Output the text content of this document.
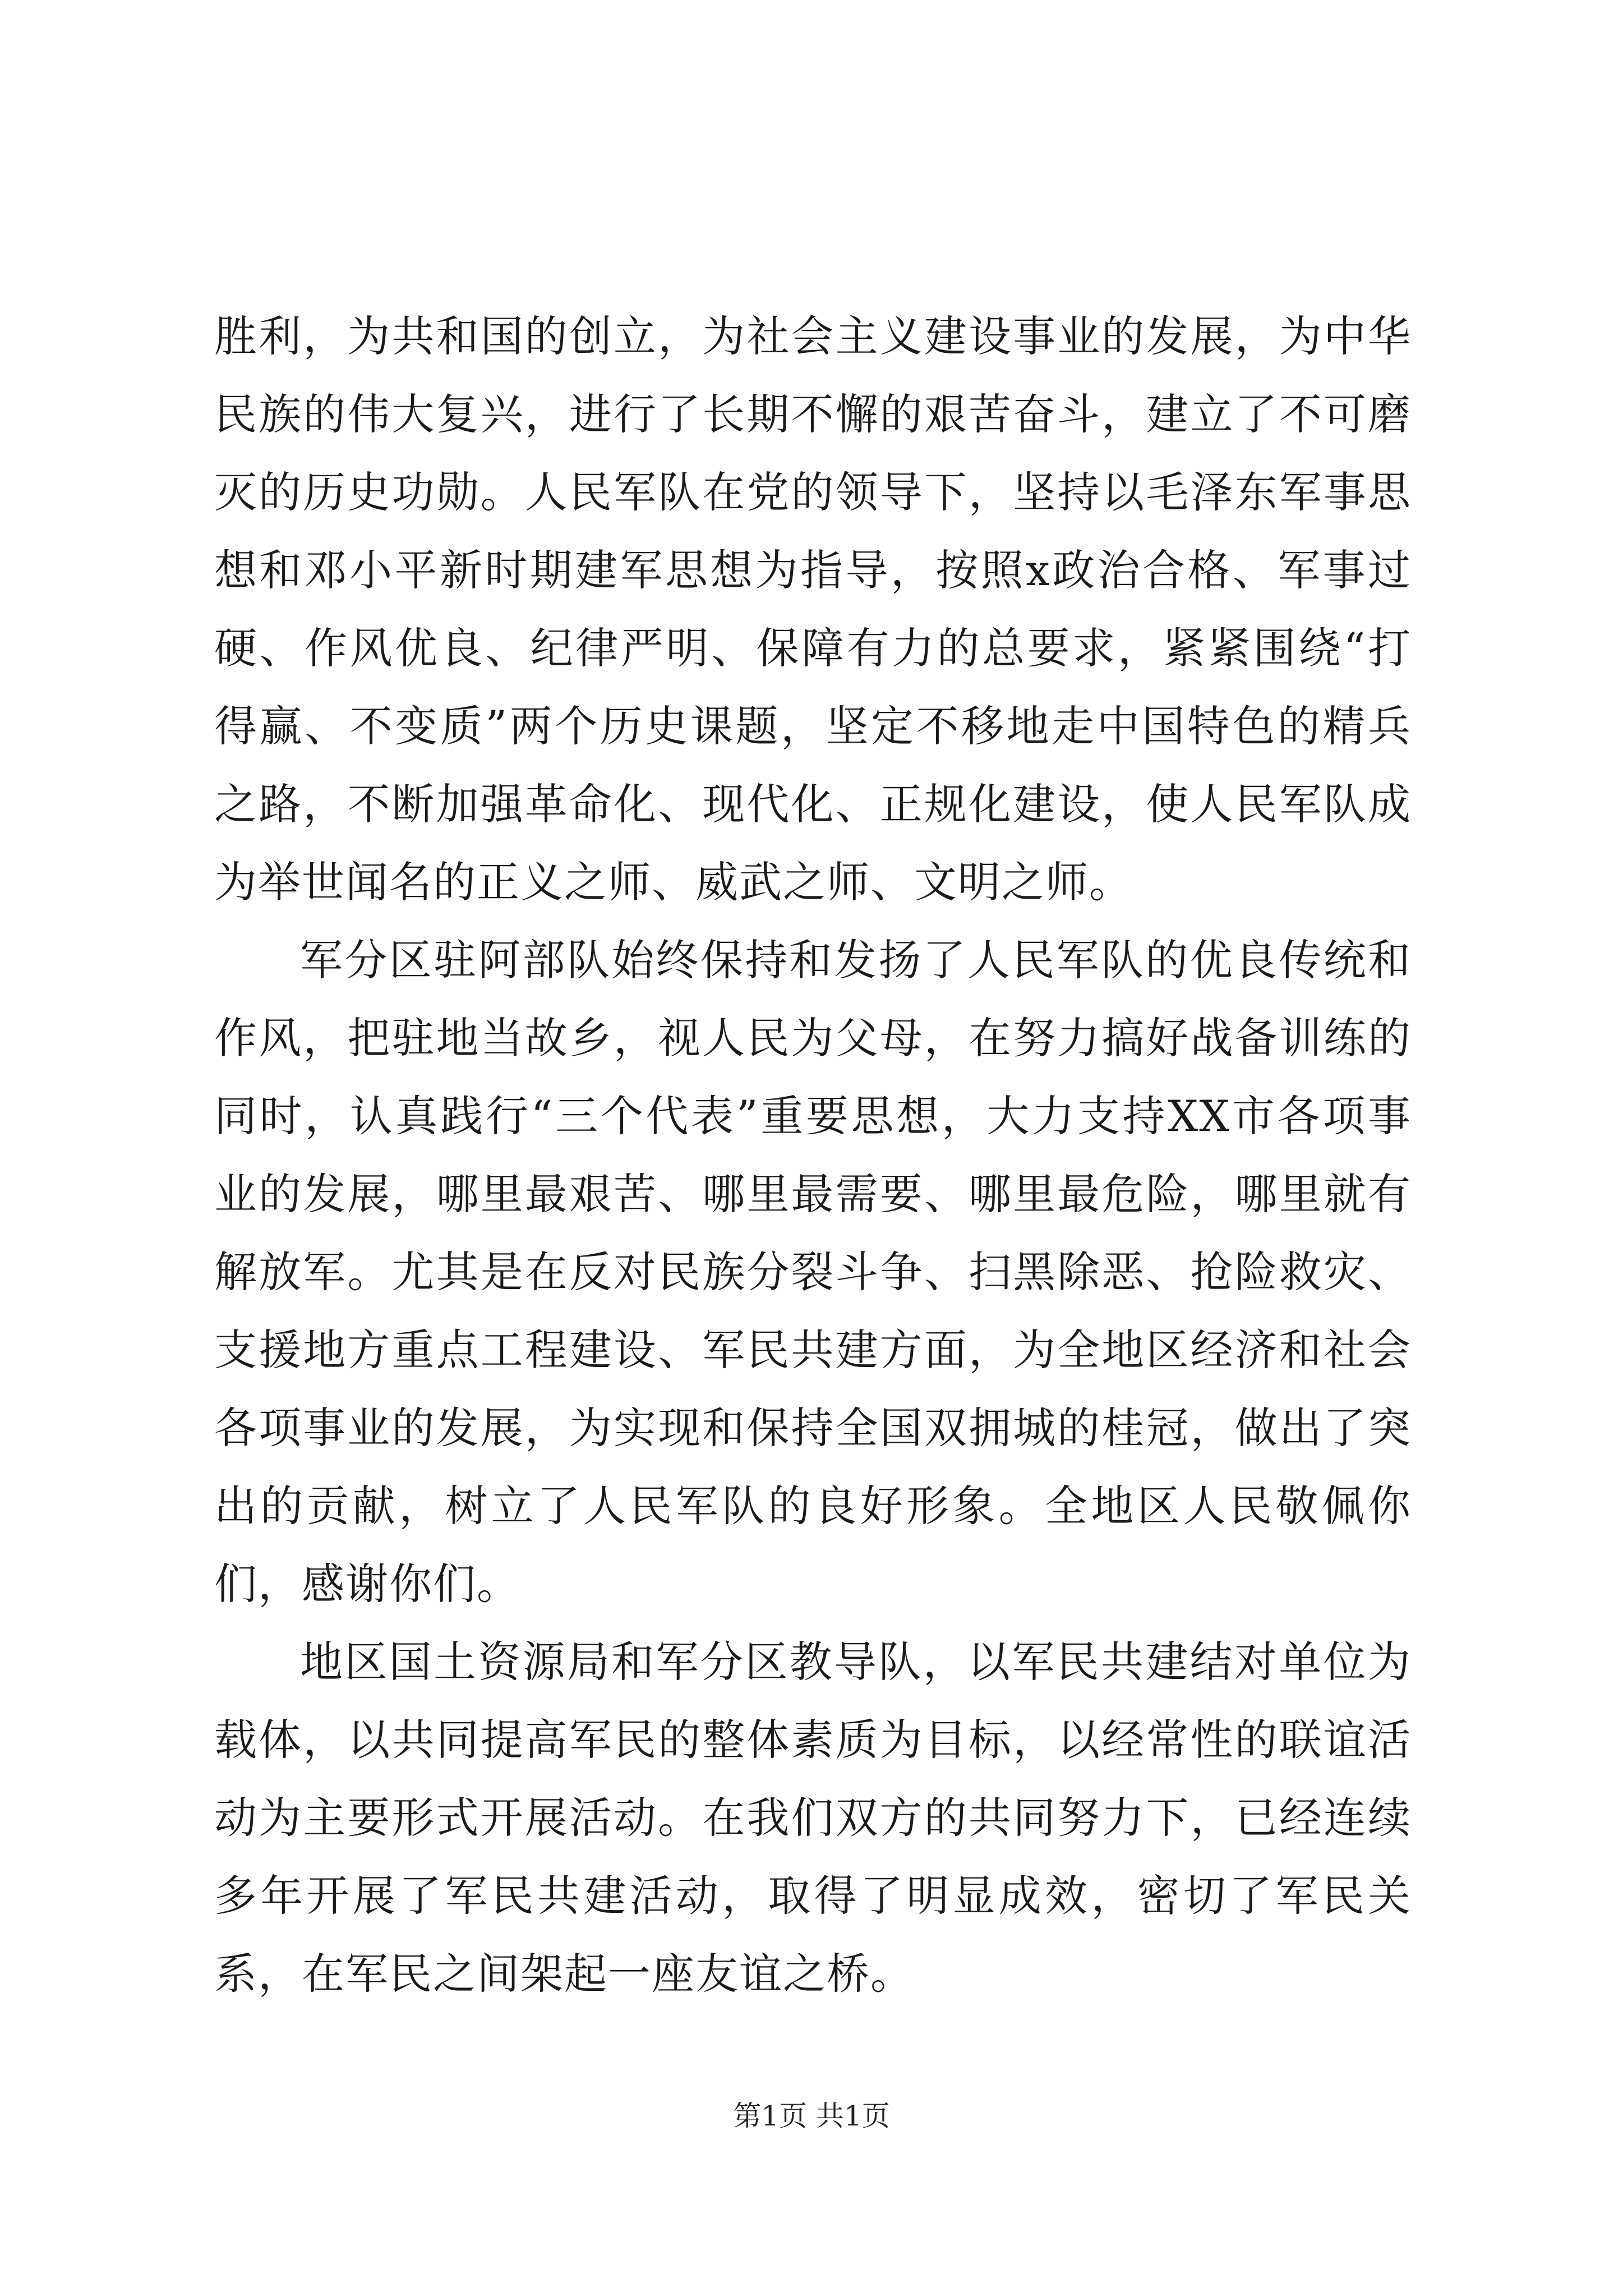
胜利，为共和国的创立，为社会主义建设事业的发展，为中华民族的伟大复兴，进行了长期不懈的艰苦奋斗，建立了不可磨灭的历史功勋。人民军队在党的领导下，坚持以毛泽东军事思想和邓小平新时期建军思想为指导，按照x政治合格、军事过硬、作风优良、纪律严明、保障有力的总要求，紧紧围绕“打得赢、不变质”两个历史课题，坚定不移地走中国特色的精兵之路，不断加强革命化、现代化、正规化建设，使人民军队成为举世闻名的正义之师、威武之师、文明之师。

军分区驻阿部队始终保持和发扬了人民军队的优良传统和作风，把驻地当故乡，视人民为父母，在努力搞好战备训练的同时，认真践行“三个代表”重要思想，大力支持XX市各项事业的发展，哪里最艰苦、哪里最需要、哪里最危险，哪里就有解放军。尤其是在反对民族分裂斗争、扫黑除恶、抢险救灾、支援地方重点工程建设、军民共建方面，为全地区经济和社会各项事业的发展，为实现和保持全国双拥城的桂冠，做出了突出的贡献，树立了人民军队的良好形象。全地区人民敬佩你们，感谢你们。

地区国土资源局和军分区教导队，以军民共建结对单位为载体，以共同提高军民的整体素质为目标，以经常性的联谊活动为主要形式开展活动。在我们双方的共同努力下，已经连续多年开展了军民共建活动，取得了明显成效，密切了军民关系，在军民之间架起一座友谊之桥。

第1页 共1页
